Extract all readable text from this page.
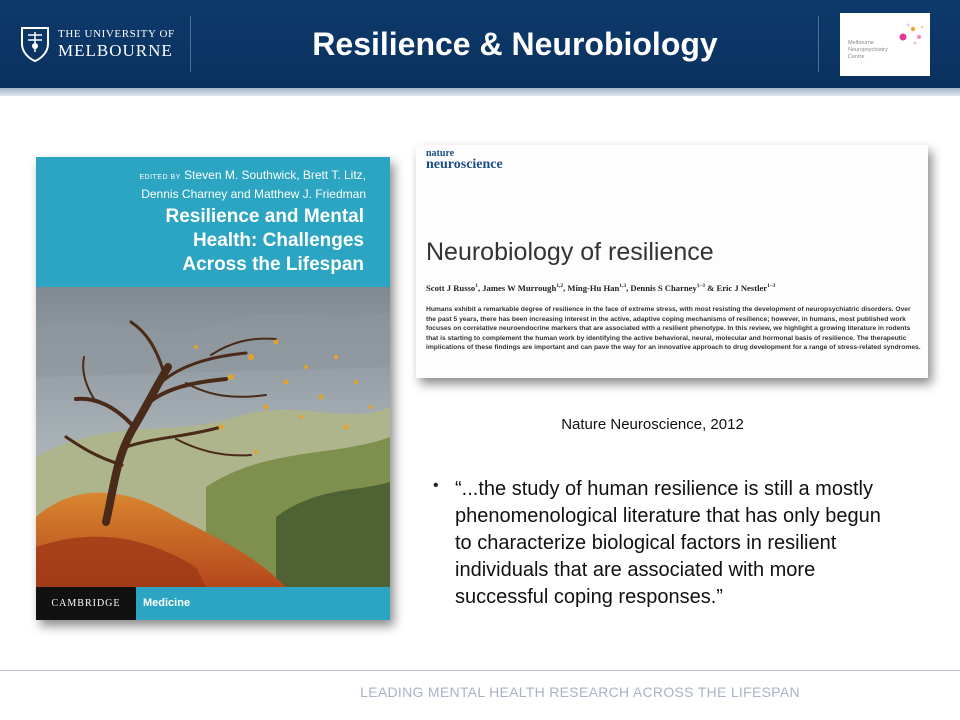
THE UNIVERSITY OF
MELBOURNE	Resilience & Neurobiology	Melbourne
Neuropsychiatry
Centre
EDITED BY Steven M. Southwick, Brett T. Litz,
Dennis Charney and Matthew J. Friedman
Resilience and Mental
Health: Challenges
Across the Lifespan
CAMBRIDGE	Medicine
nature
neuroscience
Neurobiology of resilience
Scott J Russo$^1$, James W Murrough$^{1,2}$, Ming-Hu Han$^{1,3}$, Dennis S Charney$^{1-3}$ & Eric J Nestler$^{1-3}$
Humans exhibit a remarkable degree of resilience in the face of extreme stress, with most resisting the development of neuropsychiatric disorders. Over the past 5 years, there has been increasing interest in the active, adaptive coping mechanisms of resilience; however, in humans, most published work focuses on correlative neuroendocrine markers that are associated with a resilient phenotype. In this review, we highlight a growing literature in rodents that is starting to complement the human work by identifying the active behavioral, neural, molecular and hormonal basis of resilience. The therapeutic implications of these findings are important and can pave the way for an innovative approach to drug development for a range of stress-related syndromes.
Nature Neuroscience, 2012
• “...the study of human resilience is still a mostly phenomenological literature that has only begun to characterize biological factors in resilient individuals that are associated with more successful coping responses.”
LEADING MENTAL HEALTH RESEARCH ACROSS THE LIFESPAN
